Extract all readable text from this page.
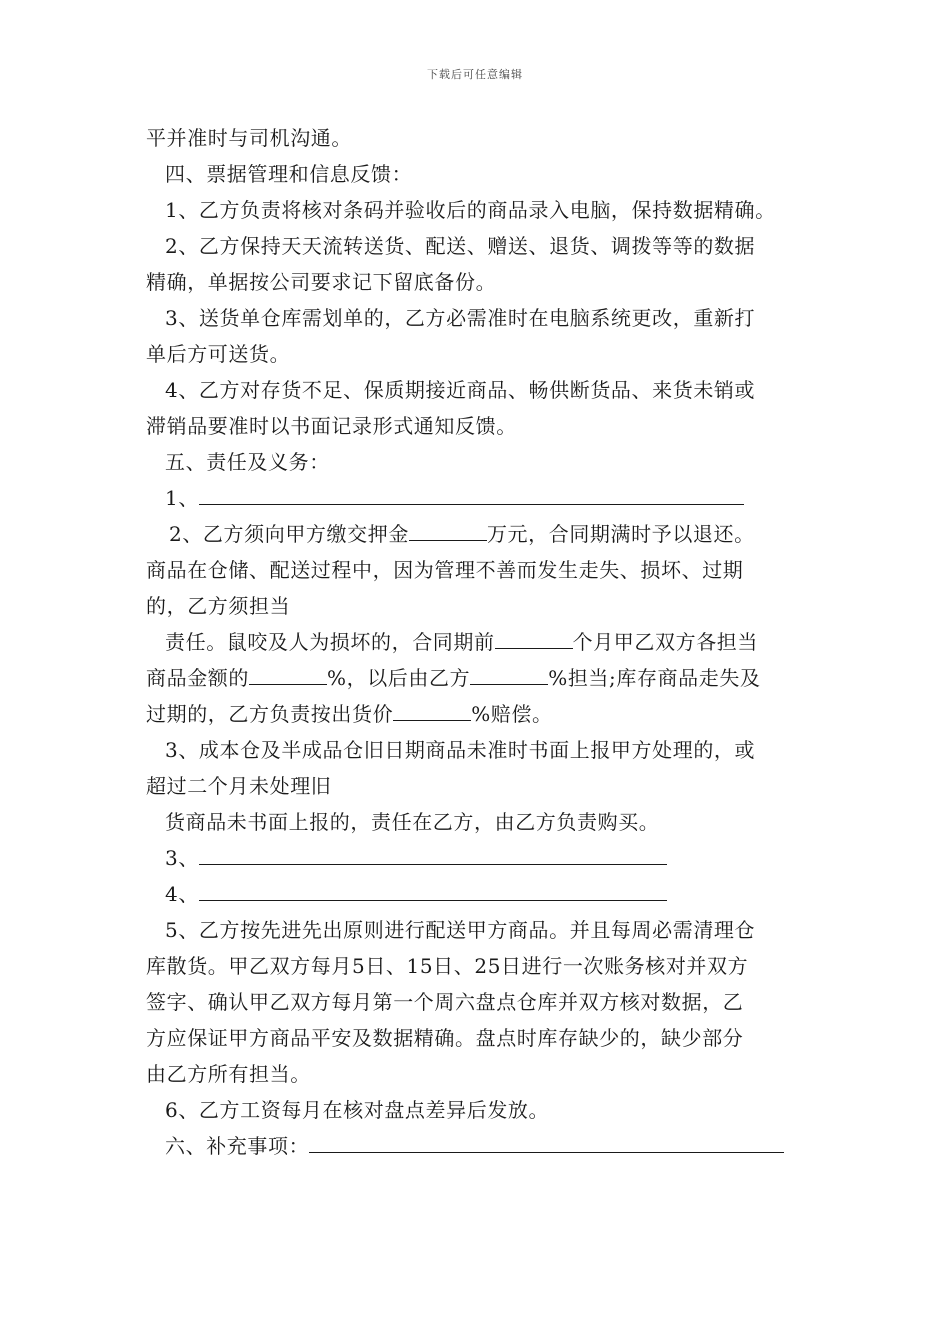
下载后可任意编辑
平并准时与司机沟通。
四、票据管理和信息反馈：
1、乙方负责将核对条码并验收后的商品录入电脑，保持数据精确。
2、乙方保持天天流转送货、配送、赠送、退货、调拨等等的数据
精确，单据按公司要求记下留底备份。
3、送货单仓库需划单的，乙方必需准时在电脑系统更改，重新打
单后方可送货。
4、乙方对存货不足、保质期接近商品、畅供断货品、来货未销或
滞销品要准时以书面记录形式通知反馈。
五、责任及义务：
1、
2、乙方须向甲方缴交押金	万元，合同期满时予以退还。
商品在仓储、配送过程中，因为管理不善而发生走失、损坏、过期
的，乙方须担当
责任。鼠咬及人为损坏的，合同期前	个月甲乙双方各担当
商品金额的	%，以后由乙方	%担当;库存商品走失及
过期的，乙方负责按出货价	%赔偿。
3、成本仓及半成品仓旧日期商品未准时书面上报甲方处理的，或
超过二个月未处理旧
货商品未书面上报的，责任在乙方，由乙方负责购买。
3、
4、
5、乙方按先进先出原则进行配送甲方商品。并且每周必需清理仓
库散货。甲乙双方每月5日、15日、25日进行一次账务核对并双方
签字、确认甲乙双方每月第一个周六盘点仓库并双方核对数据，乙
方应保证甲方商品平安及数据精确。盘点时库存缺少的，缺少部分
由乙方所有担当。
6、乙方工资每月在核对盘点差异后发放。
六、补充事项：
